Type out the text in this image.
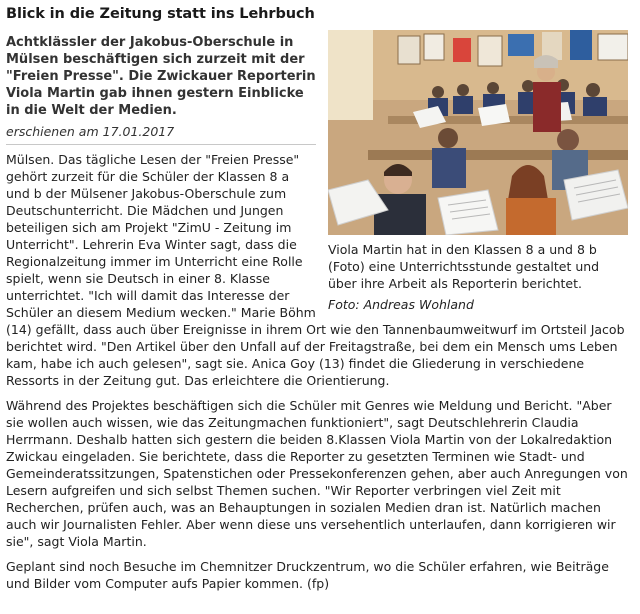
Blick in die Zeitung statt ins Lehrbuch
Viola Martin hat in den Klassen 8 a und 8 b (Foto) eine Unterrichtsstunde gestaltet und über ihre Arbeit als Reporterin berichtet.
Foto: Andreas Wohland
Achtklässler der Jakobus-Oberschule in Mülsen beschäftigen sich zurzeit mit der "Freien Presse". Die Zwickauer Reporterin Viola Martin gab ihnen gestern Einblicke in die Welt der Medien.
erschienen am 17.01.2017

Mülsen. Das tägliche Lesen der "Freien Presse" gehört zurzeit für die Schüler der Klassen 8 a und b der Mülsener Jakobus-Oberschule zum Deutschunterricht. Die Mädchen und Jungen beteiligen sich am Projekt "ZimU - Zeitung im Unterricht". Lehrerin Eva Winter sagt, dass die Regionalzeitung immer im Unterricht eine Rolle spielt, wenn sie Deutsch in einer 8. Klasse unterrichtet. "Ich will damit das Interesse der Schüler an diesem Medium wecken." Marie Böhm (14) gefällt, dass auch über Ereignisse in ihrem Ort wie den Tannenbaumweitwurf im Ortsteil Jacob berichtet wird. "Den Artikel über den Unfall auf der Freitagstraße, bei dem ein Mensch ums Leben kam, habe ich auch gelesen", sagt sie. Anica Goy (13) findet die Gliederung in verschiedene Ressorts in der Zeitung gut. Das erleichtere die Orientierung.

Während des Projektes beschäftigen sich die Schüler mit Genres wie Meldung und Bericht. "Aber sie wollen auch wissen, wie das Zeitungmachen funktioniert", sagt Deutschlehrerin Claudia Herrmann. Deshalb hatten sich gestern die beiden 8.Klassen Viola Martin von der Lokalredaktion Zwickau eingeladen. Sie berichtete, dass die Reporter zu gesetzten Terminen wie Stadt- und Gemeinderatssitzungen, Spatenstichen oder Pressekonferenzen gehen, aber auch Anregungen von Lesern aufgreifen und sich selbst Themen suchen. "Wir Reporter verbringen viel Zeit mit Recherchen, prüfen auch, was an Behauptungen in sozialen Medien dran ist. Natürlich machen auch wir Journalisten Fehler. Aber wenn diese uns versehentlich unterlaufen, dann korrigieren wir sie", sagt Viola Martin.

Geplant sind noch Besuche im Chemnitzer Druckzentrum, wo die Schüler erfahren, wie Beiträge und Bilder vom Computer aufs Papier kommen. (fp)
